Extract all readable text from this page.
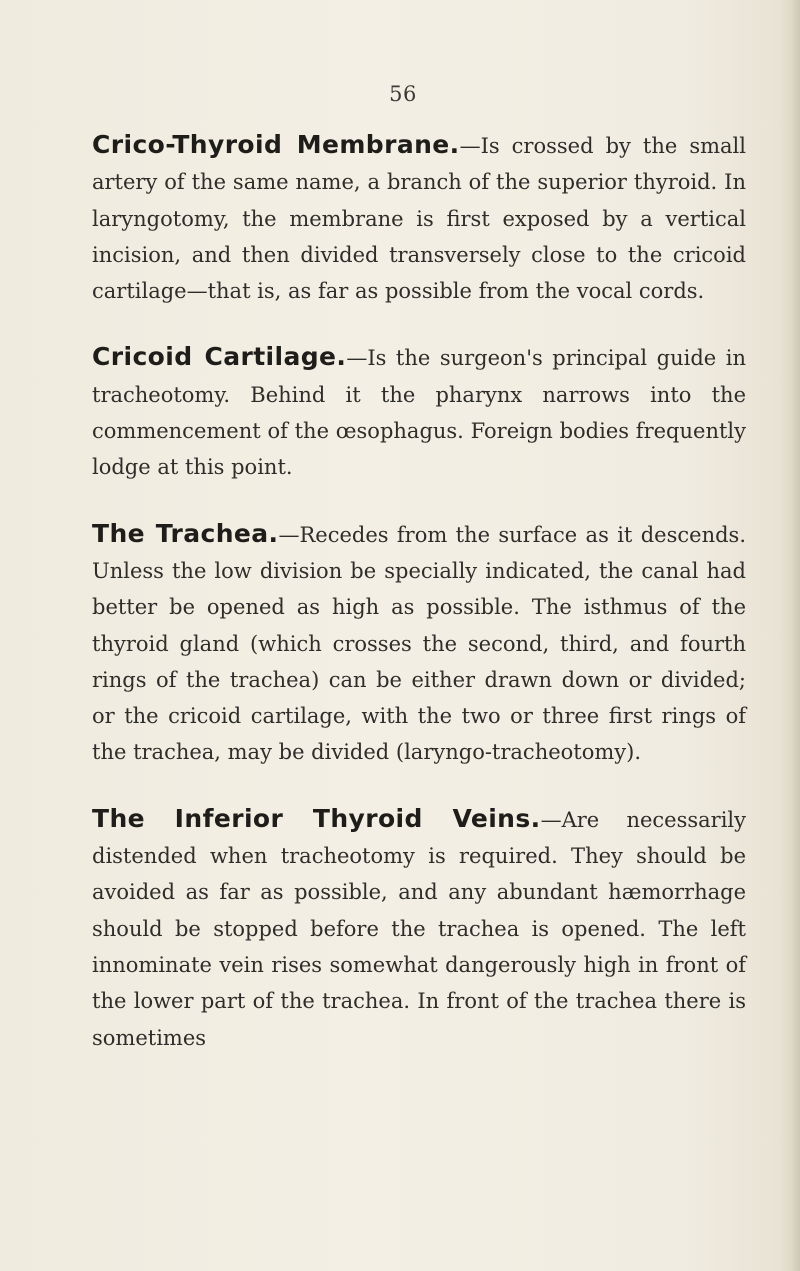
56

Crico-Thyroid Membrane.—Is crossed by the small artery of the same name, a branch of the superior thyroid. In laryngotomy, the membrane is first exposed by a vertical incision, and then divided transversely close to the cricoid cartilage—that is, as far as possible from the vocal cords.

Cricoid Cartilage.—Is the surgeon's principal guide in tracheotomy. Behind it the pharynx narrows into the commencement of the œsophagus. Foreign bodies frequently lodge at this point.

The Trachea.—Recedes from the surface as it descends. Unless the low division be specially indicated, the canal had better be opened as high as possible. The isthmus of the thyroid gland (which crosses the second, third, and fourth rings of the trachea) can be either drawn down or divided; or the cricoid cartilage, with the two or three first rings of the trachea, may be divided (laryngo-tracheotomy).

The Inferior Thyroid Veins.—Are necessarily distended when tracheotomy is required. They should be avoided as far as possible, and any abundant hæmorrhage should be stopped before the trachea is opened. The left innominate vein rises somewhat dangerously high in front of the lower part of the trachea. In front of the trachea there is sometimes
